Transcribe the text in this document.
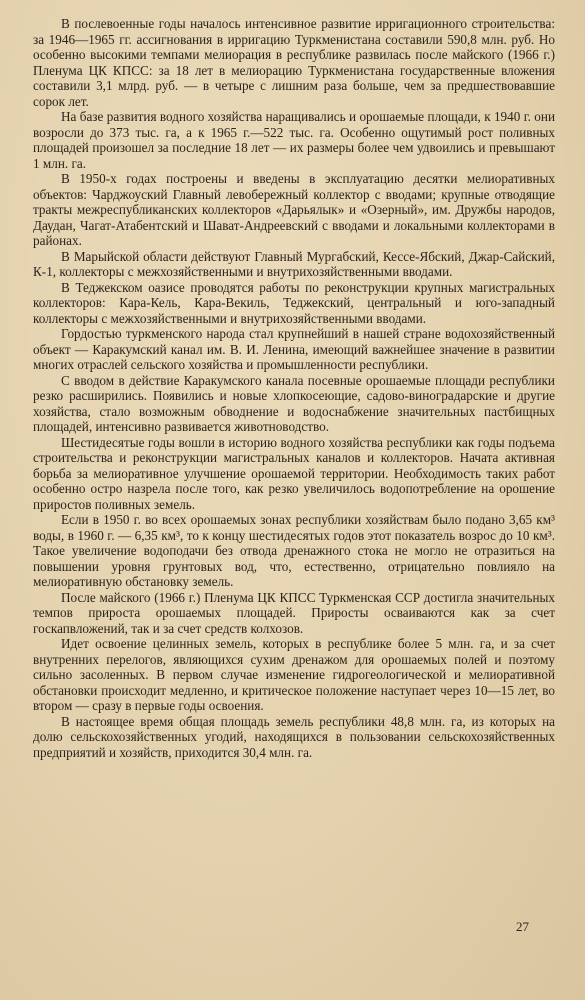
В послевоенные годы началось интенсивное развитие ирригационного строительства: за 1946—1965 гг. ассигнования в ирригацию Туркменистана составили 590,8 млн. руб. Но особенно высокими темпами мелиорация в республике развилась после майского (1966 г.) Пленума ЦК КПСС: за 18 лет в мелиорацию Туркменистана государственные вложения составили 3,1 млрд. руб. — в четыре с лишним раза больше, чем за предшествовавшие сорок лет.

На базе развития водного хозяйства наращивались и орошаемые площади, к 1940 г. они возросли до 373 тыс. га, а к 1965 г.—522 тыс. га. Особенно ощутимый рост поливных площадей произошел за последние 18 лет — их размеры более чем удвоились и превышают 1 млн. га.

В 1950-х годах построены и введены в эксплуатацию десятки мелиоративных объектов: Чарджоуский Главный левобережный коллектор с вводами; крупные отводящие тракты межреспубликанских коллекторов «Дарьялык» и «Озерный», им. Дружбы народов, Даудан, Чагат-Атабентский и Шават-Андреевский с вводами и локальными коллекторами в районах.

В Марыйской области действуют Главный Мургабский, Кессе-Ябский, Джар-Сайский, К-1, коллекторы с межхозяйственными и внутрихозяйственными вводами.

В Теджекском оазисе проводятся работы по реконструкции крупных магистральных коллекторов: Кара-Кель, Кара-Векиль, Теджекский, центральный и юго-западный коллекторы с межхозяйственными и внутрихозяйственными вводами.

Гордостью туркменского народа стал крупнейший в нашей стране водохозяйственный объект — Каракумский канал им. В. И. Ленина, имеющий важнейшее значение в развитии многих отраслей сельского хозяйства и промышленности республики.

С вводом в действие Каракумского канала посевные орошаемые площади республики резко расширились. Появились и новые хлопкосеющие, садово-виноградарские и другие хозяйства, стало возможным обводнение и водоснабжение значительных пастбищных площадей, интенсивно развивается животноводство.

Шестидесятые годы вошли в историю водного хозяйства республики как годы подъема строительства и реконструкции магистральных каналов и коллекторов. Начата активная борьба за мелиоративное улучшение орошаемой территории. Необходимость таких работ особенно остро назрела после того, как резко увеличилось водопотребление на орошение приростов поливных земель.

Если в 1950 г. во всех орошаемых зонах республики хозяйствам было подано 3,65 км³ воды, в 1960 г. — 6,35 км³, то к концу шестидесятых годов этот показатель возрос до 10 км³. Такое увеличение водоподачи без отвода дренажного стока не могло не отразиться на повышении уровня грунтовых вод, что, естественно, отрицательно повлияло на мелиоративную обстановку земель.

После майского (1966 г.) Пленума ЦК КПСС Туркменская ССР достигла значительных темпов прироста орошаемых площадей. Приросты осваиваются как за счет госкапвложений, так и за счет средств колхозов.

Идет освоение целинных земель, которых в республике более 5 млн. га, и за счет внутренних перелогов, являющихся сухим дренажом для орошаемых полей и поэтому сильно засоленных. В первом случае изменение гидрогеологической и мелиоративной обстановки происходит медленно, и критическое положение наступает через 10—15 лет, во втором — сразу в первые годы освоения.

В настоящее время общая площадь земель республики 48,8 млн. га, из которых на долю сельскохозяйственных угодий, находящихся в пользовании сельскохозяйственных предприятий и хозяйств, приходится 30,4 млн. га.

27
